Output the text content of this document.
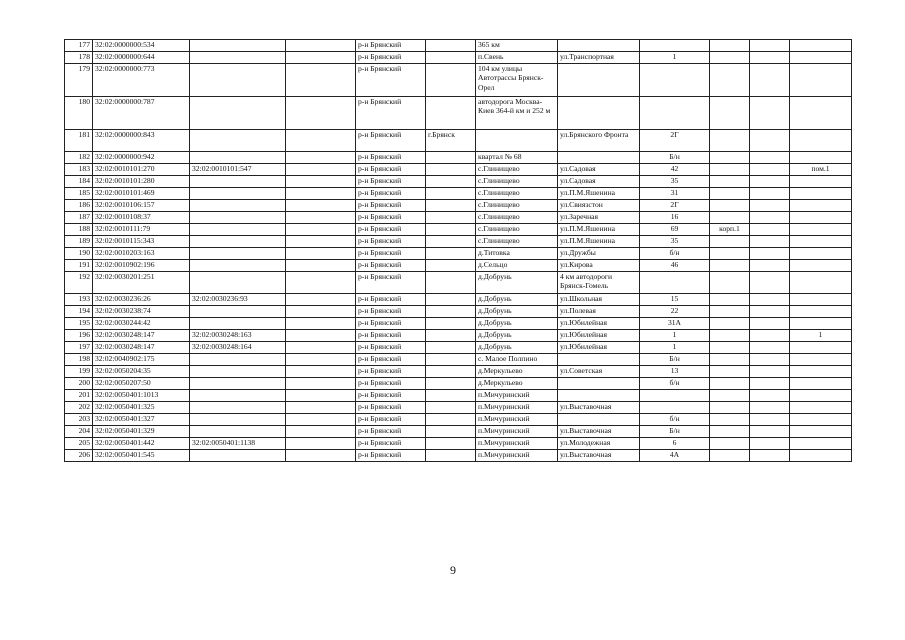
177	32:02:0000000:534			р-н Брянский		365 км					
178	32:02:0000000:644			р-н Брянский		п.Свень	ул.Транспортная	1			
179	32:02:0000000:773			р-н Брянский		104 км улицы Автотрассы Брянск-Орел					
180	32:02:0000000:787			р-н Брянский		автодорога Москва-Киев 364-й км и 252 м					
181	32:02:0000000:843			р-н Брянский	г.Брянск		ул.Брянского Фронта	2Г			
182	32:02:0000000:942			р-н Брянский		квартал № 68		Б/н			
183	32:02:0010101:270	32:02:0010101:547		р-н Брянский		с.Глинищево	ул.Садовая	42			пом.1
184	32:02:0010101:280			р-н Брянский		с.Глинищево	ул.Садовая	35			
185	32:02:0010101:469			р-н Брянский		с.Глинищево	ул.П.М.Яшенина	31			
186	32:02:0010106:157			р-н Брянский		с.Глинищево	ул.Свиязстон	2Г			
187	32:02:0010108:37			р-н Брянский		с.Глинищево	ул.Заречная	16			
188	32:02:0010111:79			р-н Брянский		с.Глинищево	ул.П.М.Яшенина	69	корп.1		
189	32:02:0010115:343			р-н Брянский		с.Глинищево	ул.П.М.Яшенина	35			
190	32:02:0010203:163			р-н Брянский		д.Титовка	ул.Дружбы	б/н			
191	32:02:0010902:196			р-н Брянский		д.Сельцо	ул.Кирова	46			
192	32:02:0030201:251			р-н Брянский		д.Добрунь	4 км автодороги Брянск-Гомель				
193	32:02:0030236:26	32:02:0030236:93		р-н Брянский		д.Добрунь	ул.Школьная	15			
194	32:02:0030238:74			р-н Брянский		д.Добрунь	ул.Полевая	22			
195	32:02:0030244:42			р-н Брянский		д.Добрунь	ул.Юбилейная	31А			
196	32:02:0030248:147	32:02:0030248:163		р-н Брянский		д.Добрунь	ул.Юбилейная	1			1
197	32:02:0030248:147	32:02:0030248:164		р-н Брянский		д.Добрунь	ул.Юбилейная	1			
198	32:02:0040902:175			р-н Брянский		с. Малое Полпино		Б/н			
199	32:02:0050204:35			р-н Брянский		д.Меркульево	ул.Советская	13			
200	32:02:0050207:50			р-н Брянский		д.Меркульево		б/н			
201	32:02:0050401:1013			р-н Брянский		п.Мичуринский					
202	32:02:0050401:325			р-н Брянский		п.Мичуринский	ул.Выставочная				
203	32:02:0050401:327			р-н Брянский		п.Мичуринский		б/н			
204	32:02:0050401:329			р-н Брянский		п.Мичуринский	ул.Выставочная	Б/н			
205	32:02:0050401:442	32:02:0050401:1138		р-н Брянский		п.Мичуринский	ул.Молодежная	6			
206	32:02:0050401:545			р-н Брянский		п.Мичуринский	ул.Выставочная	4А			
9
